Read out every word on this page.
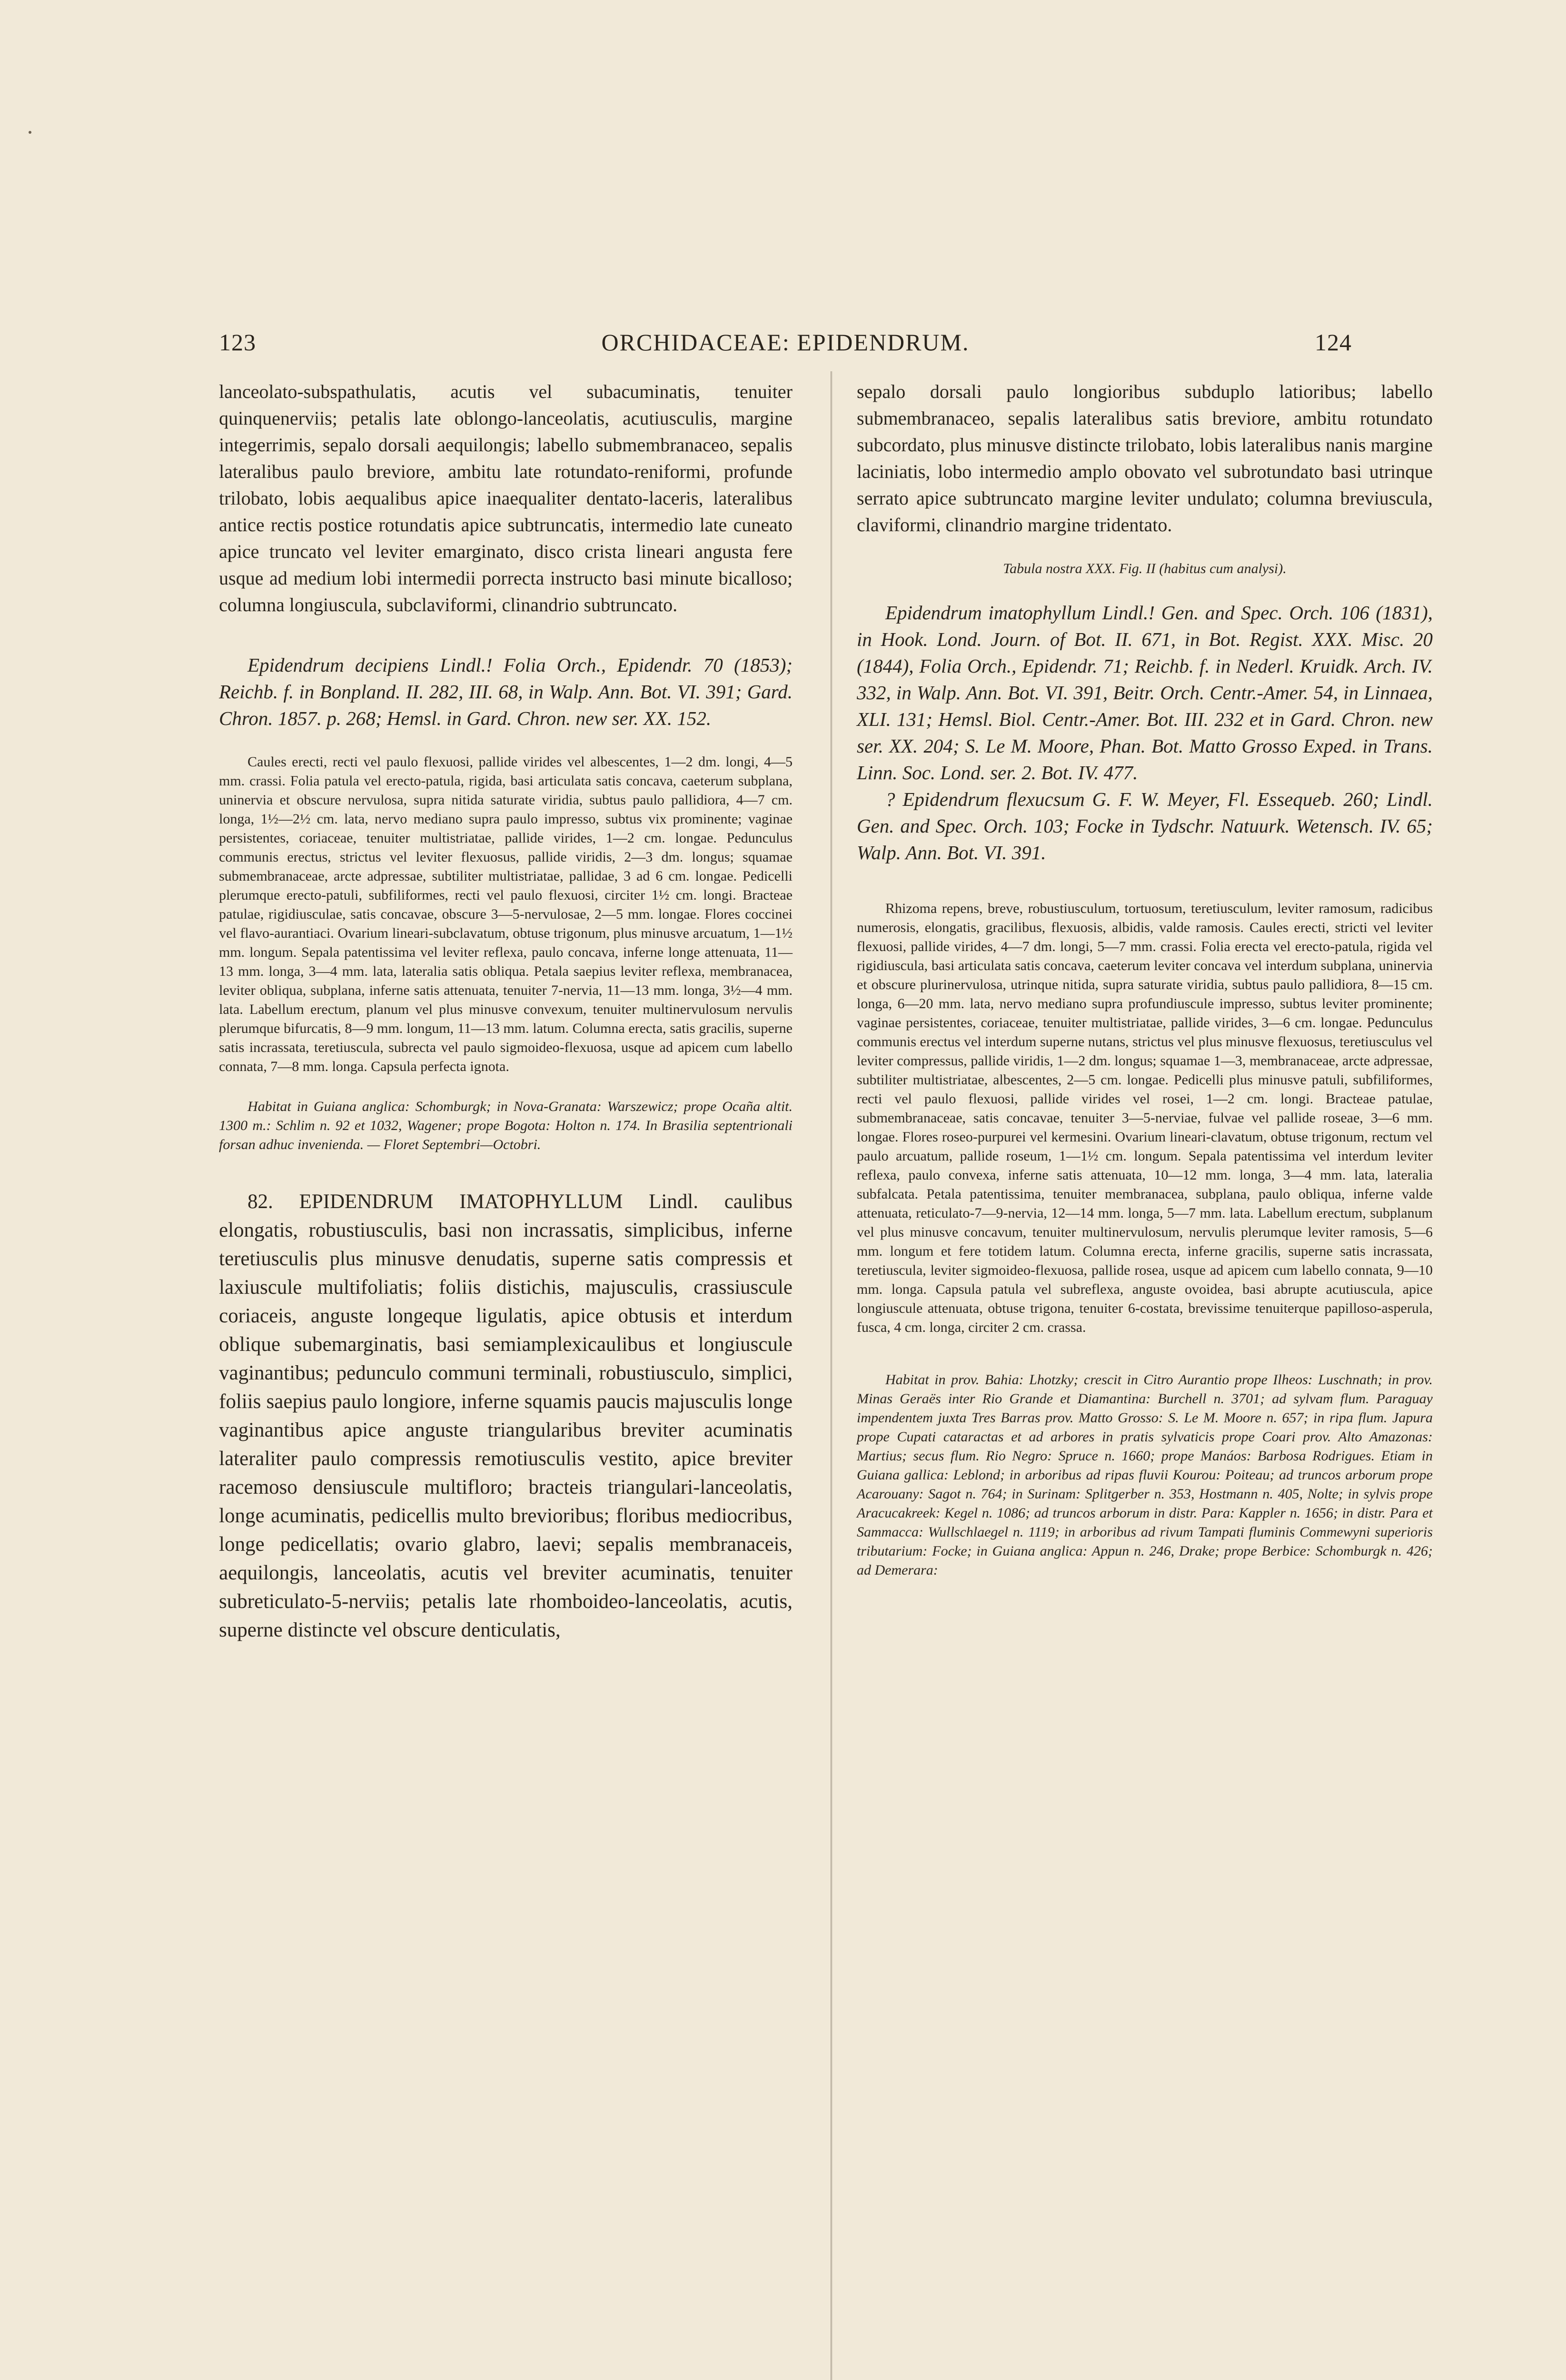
123	ORCHIDACEAE: EPIDENDRUM.	124

lanceolato-subspathulatis, acutis vel subacuminatis, tenuiter quinquenerviis; petalis late oblongo-lanceolatis, acutiusculis, margine integerrimis, sepalo dorsali aequilongis; labello submembranaceo, sepalis lateralibus paulo breviore, ambitu late rotundato-reniformi, profunde trilobato, lobis aequalibus apice inaequaliter dentato-laceris, lateralibus antice rectis postice rotundatis apice subtruncatis, intermedio late cuneato apice truncato vel leviter emarginato, disco crista lineari angusta fere usque ad medium lobi intermedii porrecta instructo basi minute bicalloso; columna longiuscula, subclaviformi, clinandrio subtruncato.

Epidendrum decipiens Lindl.! Folia Orch., Epidendr. 70 (1853); Reichb. f. in Bonpland. II. 282, III. 68, in Walp. Ann. Bot. VI. 391; Gard. Chron. 1857. p. 268; Hemsl. in Gard. Chron. new ser. XX. 152.

Caules erecti, recti vel paulo flexuosi, pallide virides vel albescentes, 1—2 dm. longi, 4—5 mm. crassi. Folia patula vel erecto-patula, rigida, basi articulata satis concava, caeterum subplana, uninervia et obscure nervulosa, supra nitida saturate viridia, subtus paulo pallidiora, 4—7 cm. longa, 1½—2½ cm. lata, nervo mediano supra paulo impresso, subtus vix prominente; vaginae persistentes, coriaceae, tenuiter multistriatae, pallide virides, 1—2 cm. longae. Pedunculus communis erectus, strictus vel leviter flexuosus, pallide viridis, 2—3 dm. longus; squamae submembranaceae, arcte adpressae, subtiliter multistriatae, pallidae, 3 ad 6 cm. longae. Pedicelli plerumque erecto-patuli, subfiliformes, recti vel paulo flexuosi, circiter 1½ cm. longi. Bracteae patulae, rigidiusculae, satis concavae, obscure 3—5-nervulosae, 2—5 mm. longae. Flores coccinei vel flavo-aurantiaci. Ovarium lineari-subclavatum, obtuse trigonum, plus minusve arcuatum, 1—1½ mm. longum. Sepala patentissima vel leviter reflexa, paulo concava, inferne longe attenuata, 11—13 mm. longa, 3—4 mm. lata, lateralia satis obliqua. Petala saepius leviter reflexa, membranacea, leviter obliqua, subplana, inferne satis attenuata, tenuiter 7-nervia, 11—13 mm. longa, 3½—4 mm. lata. Labellum erectum, planum vel plus minusve convexum, tenuiter multinervulosum nervulis plerumque bifurcatis, 8—9 mm. longum, 11—13 mm. latum. Columna erecta, satis gracilis, superne satis incrassata, teretiuscula, subrecta vel paulo sigmoideo-flexuosa, usque ad apicem cum labello connata, 7—8 mm. longa. Capsula perfecta ignota.

Habitat in Guiana anglica: Schomburgk; in Nova-Granata: Warszewicz; prope Ocaña altit. 1300 m.: Schlim n. 92 et 1032, Wagener; prope Bogota: Holton n. 174. In Brasilia septentrionali forsan adhuc invenienda. — Floret Septembri—Octobri.

82. EPIDENDRUM IMATOPHYLLUM Lindl. caulibus elongatis, robustiusculis, basi non incrassatis, simplicibus, inferne teretiusculis plus minusve denudatis, superne satis compressis et laxiuscule multifoliatis; foliis distichis, majusculis, crassiuscule coriaceis, anguste longeque ligulatis, apice obtusis et interdum oblique subemarginatis, basi semiamplexicaulibus et longiuscule vaginantibus; pedunculo communi terminali, robustiusculo, simplici, foliis saepius paulo longiore, inferne squamis paucis majusculis longe vaginantibus apice anguste triangularibus breviter acuminatis lateraliter paulo compressis remotiusculis vestito, apice breviter racemoso densiuscule multifloro; bracteis triangulari-lanceolatis, longe acuminatis, pedicellis multo brevioribus; floribus mediocribus, longe pedicellatis; ovario glabro, laevi; sepalis membranaceis, aequilongis, lanceolatis, acutis vel breviter acuminatis, tenuiter subreticulato-5-nerviis; petalis late rhomboideo-lanceolatis, acutis, superne distincte vel obscure denticulatis,

sepalo dorsali paulo longioribus subduplo latioribus; labello submembranaceo, sepalis lateralibus satis breviore, ambitu rotundato subcordato, plus minusve distincte trilobato, lobis lateralibus nanis margine laciniatis, lobo intermedio amplo obovato vel subrotundato basi utrinque serrato apice subtruncato margine leviter undulato; columna breviuscula, claviformi, clinandrio margine tridentato.

Tabula nostra XXX. Fig. II (habitus cum analysi).

Epidendrum imatophyllum Lindl.! Gen. and Spec. Orch. 106 (1831), in Hook. Lond. Journ. of Bot. II. 671, in Bot. Regist. XXX. Misc. 20 (1844), Folia Orch., Epidendr. 71; Reichb. f. in Nederl. Kruidk. Arch. IV. 332, in Walp. Ann. Bot. VI. 391, Beitr. Orch. Centr.-Amer. 54, in Linnaea, XLI. 131; Hemsl. Biol. Centr.-Amer. Bot. III. 232 et in Gard. Chron. new ser. XX. 204; S. Le M. Moore, Phan. Bot. Matto Grosso Exped. in Trans. Linn. Soc. Lond. ser. 2. Bot. IV. 477.

? Epidendrum flexucsum G. F. W. Meyer, Fl. Essequeb. 260; Lindl. Gen. and Spec. Orch. 103; Focke in Tydschr. Natuurk. Wetensch. IV. 65; Walp. Ann. Bot. VI. 391.

Rhizoma repens, breve, robustiusculum, tortuosum, teretiusculum, leviter ramosum, radicibus numerosis, elongatis, gracilibus, flexuosis, albidis, valde ramosis. Caules erecti, stricti vel leviter flexuosi, pallide virides, 4—7 dm. longi, 5—7 mm. crassi. Folia erecta vel erecto-patula, rigida vel rigidiuscula, basi articulata satis concava, caeterum leviter concava vel interdum subplana, uninervia et obscure plurinervulosa, utrinque nitida, supra saturate viridia, subtus paulo pallidiora, 8—15 cm. longa, 6—20 mm. lata, nervo mediano supra profundiuscule impresso, subtus leviter prominente; vaginae persistentes, coriaceae, tenuiter multistriatae, pallide virides, 3—6 cm. longae. Pedunculus communis erectus vel interdum superne nutans, strictus vel plus minusve flexuosus, teretiusculus vel leviter compressus, pallide viridis, 1—2 dm. longus; squamae 1—3, membranaceae, arcte adpressae, subtiliter multistriatae, albescentes, 2—5 cm. longae. Pedicelli plus minusve patuli, subfiliformes, recti vel paulo flexuosi, pallide virides vel rosei, 1—2 cm. longi. Bracteae patulae, submembranaceae, satis concavae, tenuiter 3—5-nerviae, fulvae vel pallide roseae, 3—6 mm. longae. Flores roseo-purpurei vel kermesini. Ovarium lineari-clavatum, obtuse trigonum, rectum vel paulo arcuatum, pallide roseum, 1—1½ cm. longum. Sepala patentissima vel interdum leviter reflexa, paulo convexa, inferne satis attenuata, 10—12 mm. longa, 3—4 mm. lata, lateralia subfalcata. Petala patentissima, tenuiter membranacea, subplana, paulo obliqua, inferne valde attenuata, reticulato-7—9-nervia, 12—14 mm. longa, 5—7 mm. lata. Labellum erectum, subplanum vel plus minusve concavum, tenuiter multinervulosum, nervulis plerumque leviter ramosis, 5—6 mm. longum et fere totidem latum. Columna erecta, inferne gracilis, superne satis incrassata, teretiuscula, leviter sigmoideo-flexuosa, pallide rosea, usque ad apicem cum labello connata, 9—10 mm. longa. Capsula patula vel subreflexa, anguste ovoidea, basi abrupte acutiuscula, apice longiuscule attenuata, obtuse trigona, tenuiter 6-costata, brevissime tenuiterque papilloso-asperula, fusca, 4 cm. longa, circiter 2 cm. crassa.

Habitat in prov. Bahia: Lhotzky; crescit in Citro Aurantio prope Ilheos: Luschnath; in prov. Minas Geraës inter Rio Grande et Diamantina: Burchell n. 3701; ad sylvam flum. Paraguay impendentem juxta Tres Barras prov. Matto Grosso: S. Le M. Moore n. 657; in ripa flum. Japura prope Cupati cataractas et ad arbores in pratis sylvaticis prope Coari prov. Alto Amazonas: Martius; secus flum. Rio Negro: Spruce n. 1660; prope Manáos: Barbosa Rodrigues. Etiam in Guiana gallica: Leblond; in arboribus ad ripas fluvii Kourou: Poiteau; ad truncos arborum prope Acarouany: Sagot n. 764; in Surinam: Splitgerber n. 353, Hostmann n. 405, Nolte; in sylvis prope Aracucakreek: Kegel n. 1086; ad truncos arborum in distr. Para: Kappler n. 1656; in distr. Para et Sammacca: Wullschlaegel n. 1119; in arboribus ad rivum Tampati fluminis Commewyni superioris tributarium: Focke; in Guiana anglica: Appun n. 246, Drake; prope Berbice: Schomburgk n. 426; ad Demerara:
